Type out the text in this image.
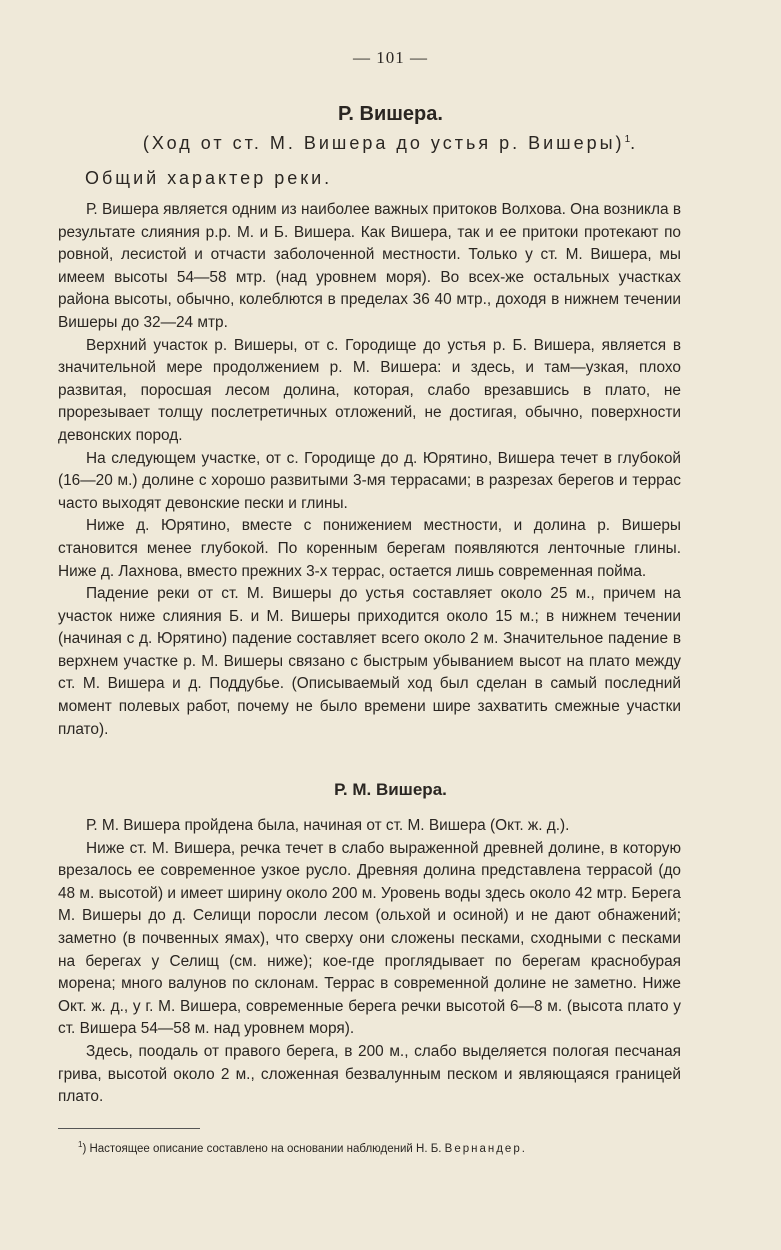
— 101 —
Р. Вишера.
(Ход от ст. М. Вишера до устья р. Вишеры)$^1$.
Общий характер реки.

Р. Вишера является одним из наиболее важных притоков Волхова. Она возникла в результате слияния р.р. М. и Б. Вишера. Как Вишера, так и ее притоки протекают по ровной, лесистой и отчасти заболоченной местности. Только у ст. М. Вишера, мы имеем высоты 54—58 мтр. (над уровнем моря). Во всех-же остальных участках района высоты, обычно, колеблются в пределах 36 40 мтр., доходя в нижнем течении Вишеры до 32—24 мтр.

Верхний участок р. Вишеры, от с. Городище до устья р. Б. Вишера, является в значительной мере продолжением р. М. Вишера: и здесь, и там—узкая, плохо развитая, поросшая лесом долина, которая, слабо врезавшись в плато, не прорезывает толщу послетретичных отложений, не достигая, обычно, поверхности девонских пород.

На следующем участке, от с. Городище до д. Юрятино, Вишера течет в глубокой (16—20 м.) долине с хорошо развитыми 3-мя террасами; в разрезах берегов и террас часто выходят девонские пески и глины.

Ниже д. Юрятино, вместе с понижением местности, и долина р. Вишеры становится менее глубокой. По коренным берегам появляются ленточные глины. Ниже д. Лахнова, вместо прежних 3-х террас, остается лишь современная пойма.

Падение реки от ст. М. Вишеры до устья составляет около 25 м., причем на участок ниже слияния Б. и М. Вишеры приходится около 15 м.; в нижнем течении (начиная с д. Юрятино) падение составляет всего около 2 м. Значительное падение в верхнем участке р. М. Вишеры связано с быстрым убыванием высот на плато между ст. М. Вишера и д. Поддубье. (Описываемый ход был сделан в самый последний момент полевых работ, почему не было времени шире захватить смежные участки плато).

Р. М. Вишера.

Р. М. Вишера пройдена была, начиная от ст. М. Вишера (Окт. ж. д.).

Ниже ст. М. Вишера, речка течет в слабо выраженной древней долине, в которую врезалось ее современное узкое русло. Древняя долина представлена террасой (до 48 м. высотой) и имеет ширину около 200 м. Уровень воды здесь около 42 мтр. Берега М. Вишеры до д. Селищи поросли лесом (ольхой и осиной) и не дают обнажений; заметно (в почвенных ямах), что сверху они сложены песками, сходными с песками на берегах у Селищ (см. ниже); кое-где проглядывает по берегам краснобурая морена; много валунов по склонам. Террас в современной долине не заметно. Ниже Окт. ж. д., у г. М. Вишера, современные берега речки высотой 6—8 м. (высота плато у ст. Вишера 54—58 м. над уровнем моря).

Здесь, поодаль от правого берега, в 200 м., слабо выделяется пологая песчаная грива, высотой около 2 м., сложенная безвалунным песком и являющаяся границей плато.

$^1$) Настоящее описание составлено на основании наблюдений Н. Б. Вернандер.
